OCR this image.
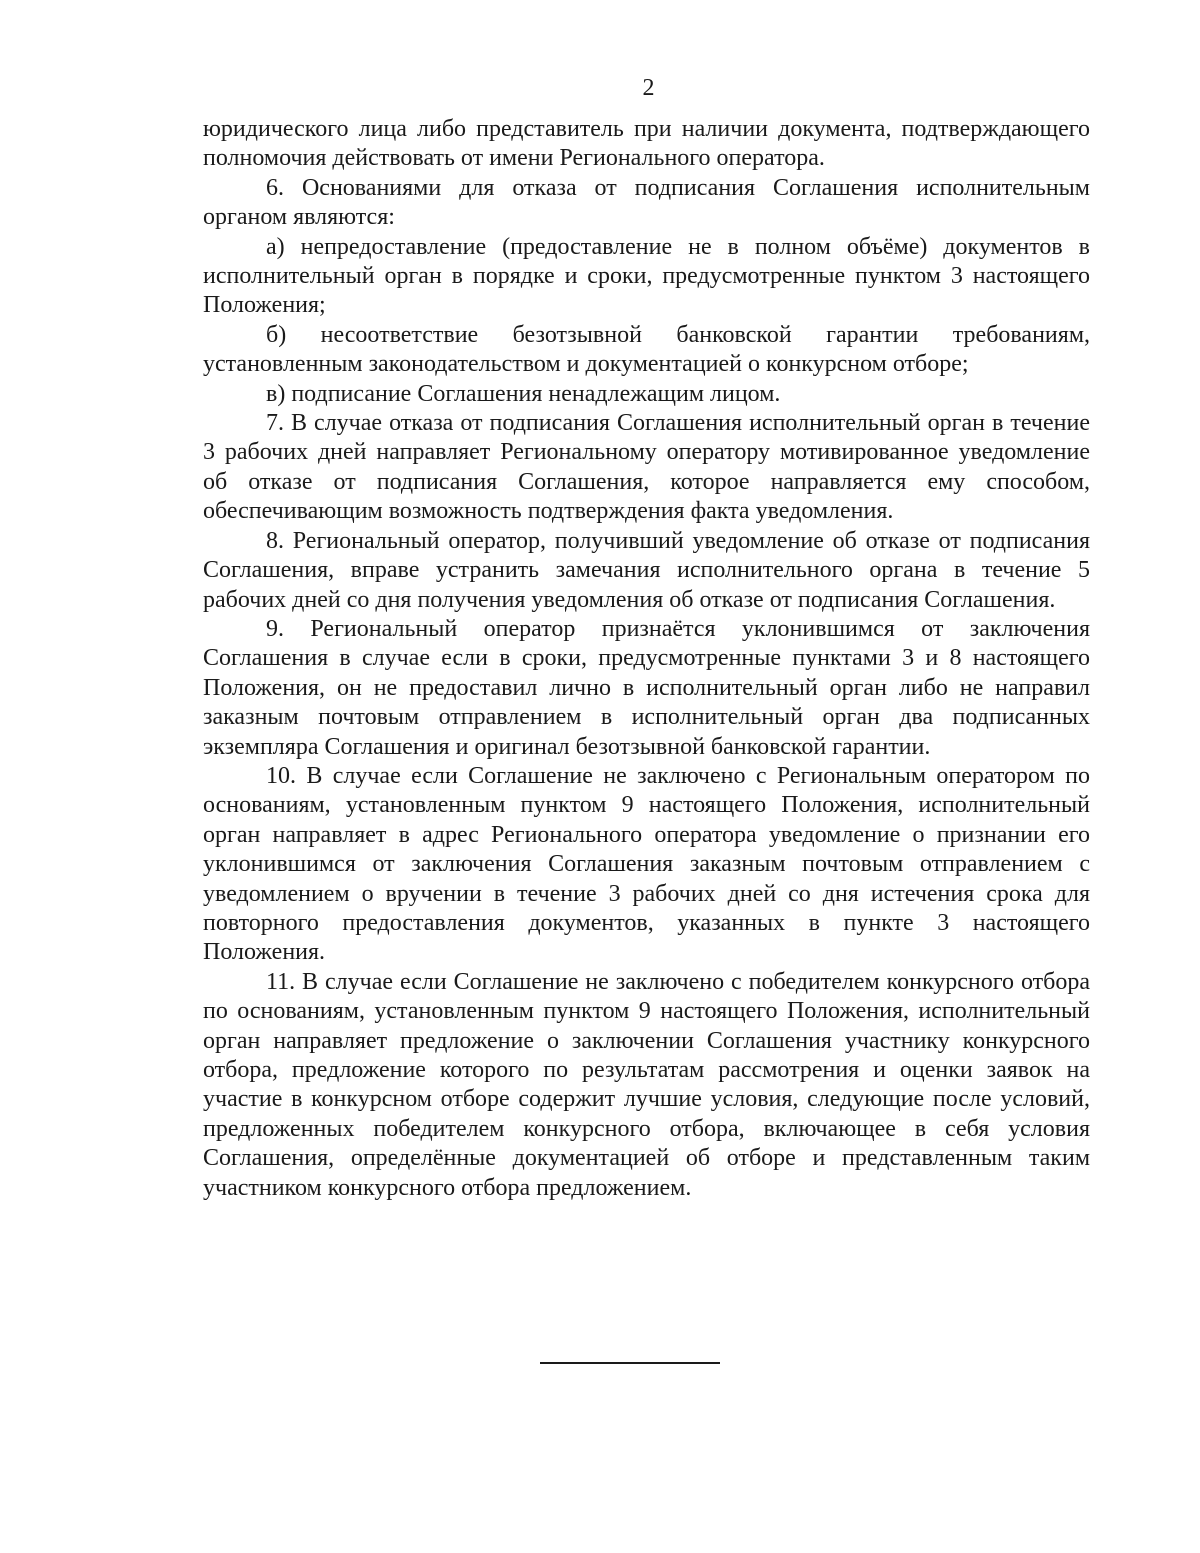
2

юридического лица либо представитель при наличии документа, подтверждающего полномочия действовать от имени Регионального оператора.

6. Основаниями для отказа от подписания Соглашения исполнительным органом являются:

а) непредоставление (предоставление не в полном объёме) документов в исполнительный орган в порядке и сроки, предусмотренные пунктом 3 настоящего Положения;

б) несоответствие безотзывной банковской гарантии требованиям, установленным законодательством и документацией о конкурсном отборе;

в) подписание Соглашения ненадлежащим лицом.

7. В случае отказа от подписания Соглашения исполнительный орган в течение 3 рабочих дней направляет Региональному оператору мотивированное уведомление об отказе от подписания Соглашения, которое направляется ему способом, обеспечивающим возможность подтверждения факта уведомления.

8. Региональный оператор, получивший уведомление об отказе от подписания Соглашения, вправе устранить замечания исполнительного органа в течение 5 рабочих дней со дня получения уведомления об отказе от подписания Соглашения.

9. Региональный оператор признаётся уклонившимся от заключения Соглашения в случае если в сроки, предусмотренные пунктами 3 и 8 настоящего Положения, он не предоставил лично в исполнительный орган либо не направил заказным почтовым отправлением в исполнительный орган два подписанных экземпляра Соглашения и оригинал безотзывной банковской гарантии.

10. В случае если Соглашение не заключено с Региональным оператором по основаниям, установленным пунктом 9 настоящего Положения, исполнительный орган направляет в адрес Регионального оператора уведомление о признании его уклонившимся от заключения Соглашения заказным почтовым отправлением с уведомлением о вручении в течение 3 рабочих дней со дня истечения срока для повторного предоставления документов, указанных в пункте 3 настоящего Положения.

11. В случае если Соглашение не заключено с победителем конкурсного отбора по основаниям, установленным пунктом 9 настоящего Положения, исполнительный орган направляет предложение о заключении Соглашения участнику конкурсного отбора, предложение которого по результатам рассмотрения и оценки заявок на участие в конкурсном отборе содержит лучшие условия, следующие после условий, предложенных победителем конкурсного отбора, включающее в себя условия Соглашения, определённые документацией об отборе и представленным таким участником конкурсного отбора предложением.
